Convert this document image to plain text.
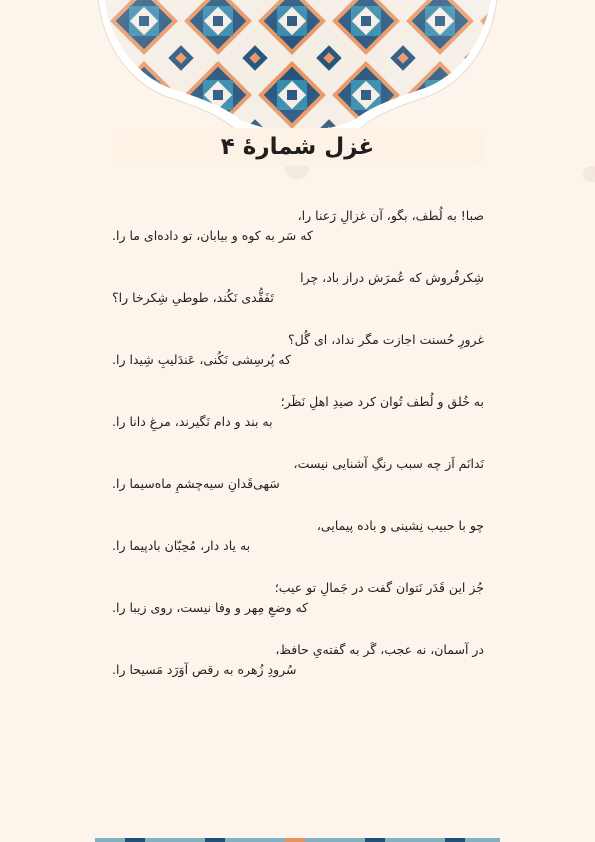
غزل شمارهٔ ۴
صبا! به لُطف، بگو، آن غزالِ رَعنا را،
که سَر به کوه و بیابان، تو داده‌ای ما را.
شِکرفُروش که عُمرَش دراز باد، چرا
تَفَقُّدی نَکُند، طوطیِ شِکرخا را؟
غرورِ حُسنت اجازت مگر نداد، ای گُل؟
که پُرسِشی نَکُنی، عَندَلیبِ شِیدا را.
به خُلق و لُطف تُوان کرد صیدِ اهلِ نَظَر؛
به بند و دام نَگیرند، مرغِ دانا را.
نَدانَم اَز چه سبب رنگِ آشنایی نیست،
سَهی‌قَدانِ سیه‌چشمِ ماه‌سیما را.
چو با حبیب نِشینی و باده پیمایی،
به یاد دار، مُحِبّان بادپیما را.
جُز این قَدَر نَتوان گفت در جَمالِ تو عیب؛
که وضعِ مِهر و وفا نیست، روی زیبا را.
در آسمان، نه عجب، گَر به گفته‌یِ حافظ،
سُرودِ زُهره به رقص آوَرَد مَسیحا را.
